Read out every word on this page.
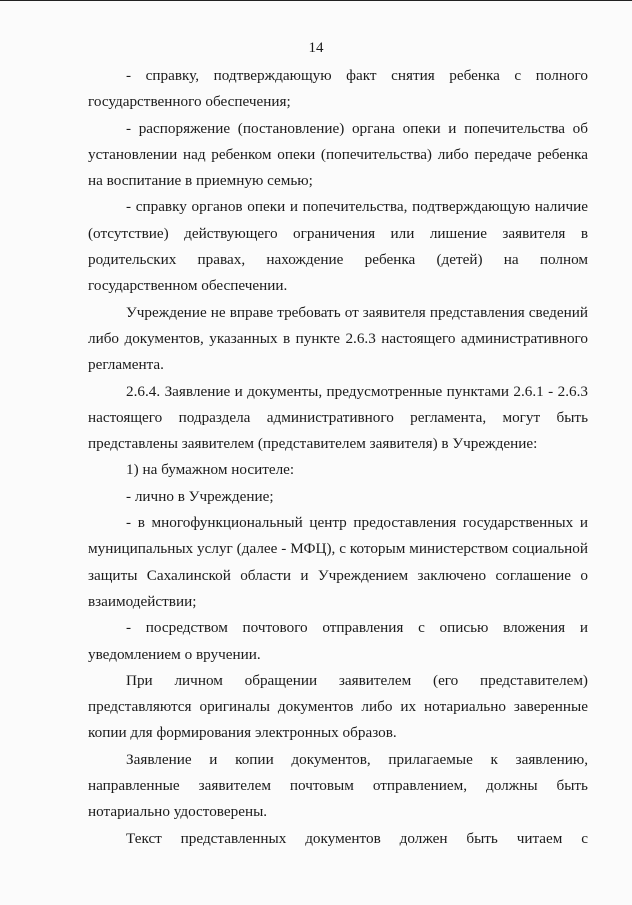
14

- справку, подтверждающую факт снятия ребенка с полного государственного обеспечения;

- распоряжение (постановление) органа опеки и попечительства об установлении над ребенком опеки (попечительства) либо передаче ребенка на воспитание в приемную семью;

- справку органов опеки и попечительства, подтверждающую наличие (отсутствие) действующего ограничения или лишение заявителя в родительских правах, нахождение ребенка (детей) на полном государственном обеспечении.

Учреждение не вправе требовать от заявителя представления сведений либо документов, указанных в пункте 2.6.3 настоящего административного регламента.

2.6.4. Заявление и документы, предусмотренные пунктами 2.6.1 - 2.6.3 настоящего подраздела административного регламента, могут быть представлены заявителем (представителем заявителя) в Учреждение:

1) на бумажном носителе:

- лично в Учреждение;

- в многофункциональный центр предоставления государственных и муниципальных услуг (далее - МФЦ), с которым министерством социальной защиты Сахалинской области и Учреждением заключено соглашение о взаимодействии;

- посредством почтового отправления с описью вложения и уведомлением о вручении.

При личном обращении заявителем (его представителем) представляются оригиналы документов либо их нотариально заверенные копии для формирования электронных образов.

Заявление и копии документов, прилагаемые к заявлению, направленные заявителем почтовым отправлением, должны быть нотариально удостоверены.

Текст представленных документов должен быть читаем с
